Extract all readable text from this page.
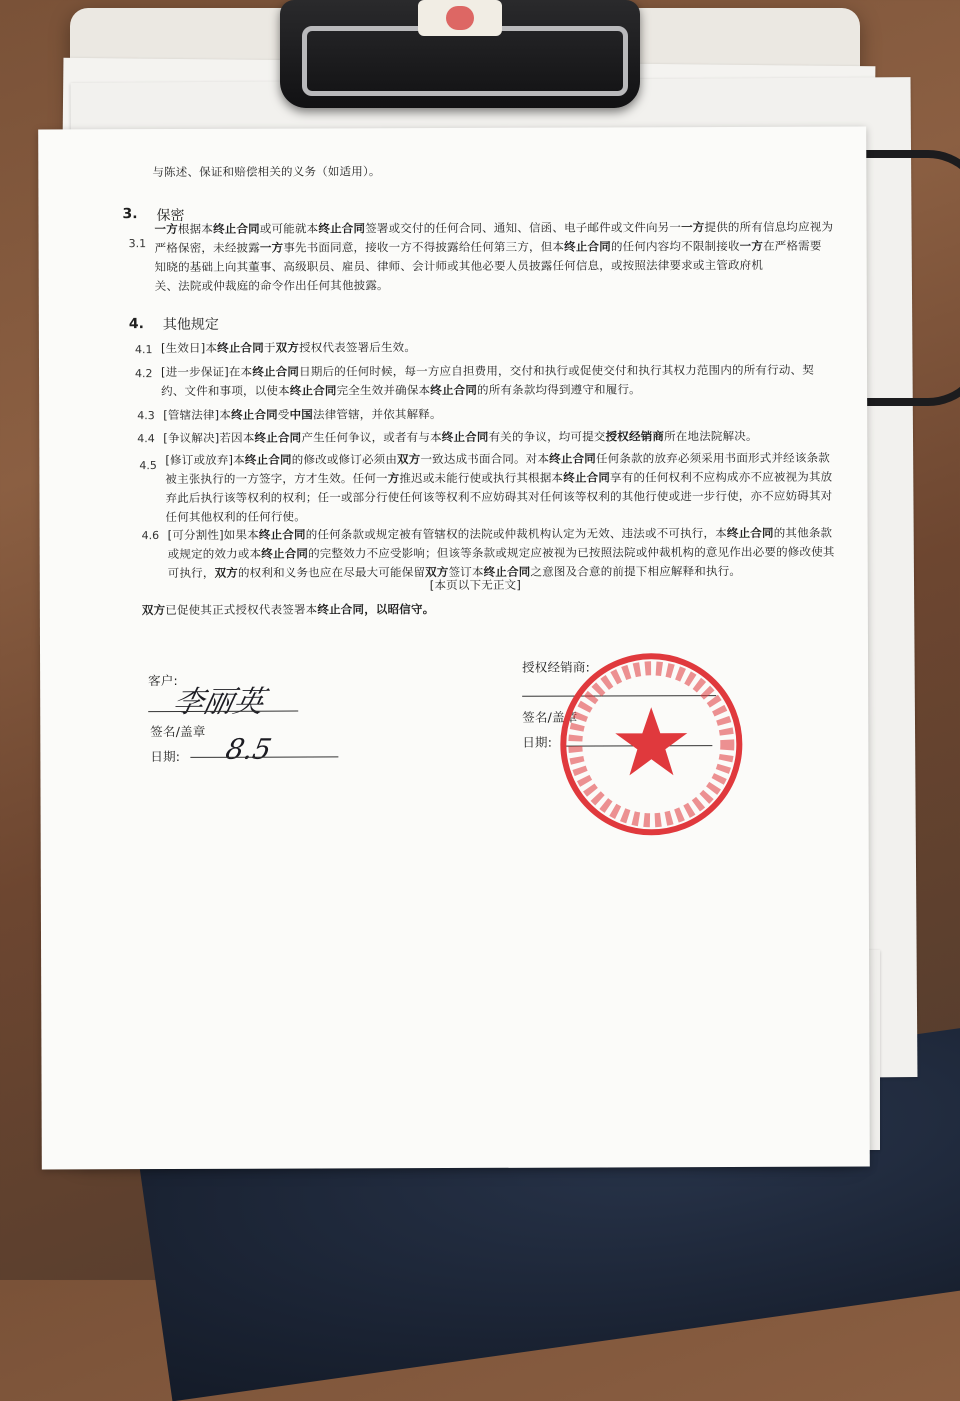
与陈述、保证和赔偿相关的义务（如适用）。
3. 保密
3.1
一方根据本终止合同或可能就本终止合同签署或交付的任何合同、通知、信函、电子邮件或文件向另一一方提供的所有信息均应视为
严格保密，未经披露一方事先书面同意，接收一方不得披露给任何第三方，但本终止合同的任何内容均不限制接收一方在严格需要
知晓的基础上向其董事、高级职员、雇员、律师、会计师或其他必要人员披露任何信息，或按照法律要求或主管政府机
关、法院或仲裁庭的命令作出任何其他披露。
4. 其他规定
4.1 [生效日]本终止合同于双方授权代表签署后生效。
4.2 [进一步保证]在本终止合同日期后的任何时候，每一方应自担费用，交付和执行或促使交付和执行其权力范围内的所有行动、契
约、文件和事项，以使本终止合同完全生效并确保本终止合同的所有条款均得到遵守和履行。
4.3 [管辖法律]本终止合同受中国法律管辖，并依其解释。
4.4 [争议解决]若因本终止合同产生任何争议，或者有与本终止合同有关的争议，均可提交授权经销商所在地法院解决。
4.5 [修订或放弃]本终止合同的修改或修订必须由双方一致达成书面合同。对本终止合同任何条款的放弃必须采用书面形式并经该条款
被主张执行的一方签字，方才生效。任何一方推迟或未能行使或执行其根据本终止合同享有的任何权利不应构成亦不应被视为其放
弃此后执行该等权利的权利；任一或部分行使任何该等权利不应妨碍其对任何该等权利的其他行使或进一步行使，亦不应妨碍其对
任何其他权利的任何行使。
4.6 [可分割性]如果本终止合同的任何条款或规定被有管辖权的法院或仲裁机构认定为无效、违法或不可执行，本终止合同的其他条款
或规定的效力或本终止合同的完整效力不应受影响；但该等条款或规定应被视为已按照法院或仲裁机构的意见作出必要的修改使其
可执行，双方的权利和义务也应在尽最大可能保留双方签订本终止合同之意图及合意的前提下相应解释和执行。
[本页以下无正文]
双方已促使其正式授权代表签署本终止合同，以昭信守。
客户:
李丽英
签名/盖章
日期: 8.5
授权经销商:
签名/盖章
日期:
